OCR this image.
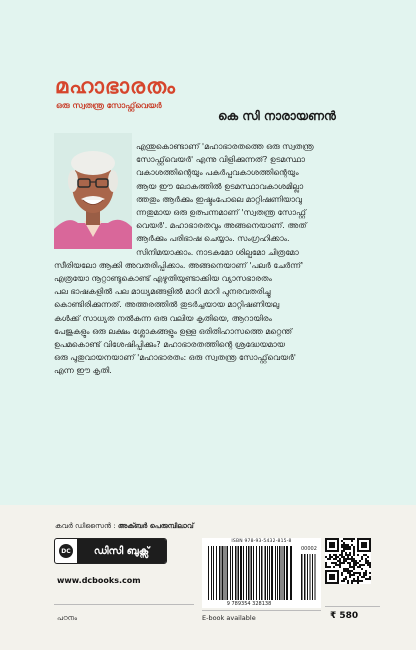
മഹാഭാരതം
ഒരു സ്വതന്ത്ര സോഫ്റ്റ്‌വെയർ
കെ സി നാരായണൻ
എന്തുകൊണ്ടാണ് 'മഹാഭാരതത്തെ ഒരു സ്വതന്ത്ര
സോഫ്റ്റ്‌വെയർ' എന്നു വിളിക്കുന്നത്? ഉടമസ്ഥാ
വകാശത്തിന്റെയും പകർപ്പവകാശത്തിന്റെയും
ആയ ഈ ലോകത്തിൽ ഉടമസ്ഥാവകാശമില്ലാ
ത്തതും ആർക്കും ഇഷ്ടംപോലെ മാറ്റിഷണിയാവു
ന്നതുമായ ഒരു ഉത്പന്നമാണ് 'സ്വതന്ത്ര സോഫ്റ്റ്
വെയർ'. മഹാഭാരതവും അങ്ങനെയാണ്. അത്
ആർക്കും പരിഭാഷ ചെയ്യാം. സംഗ്രഹിക്കാം.
സിനിമയാക്കാം. നാടകമോ ശില്പമോ ചിത്രമോ
സീരിയലോ ആക്കി അവതരിപ്പിക്കാം. അങ്ങനെയാണ് 'പലർ ചേർന്ന്'
എത്രയോ നൂറ്റാണ്ടുകൊണ്ട് എഴുതിയുണ്ടാക്കിയ വ്യാസഭാരതം
പല ഭാഷകളിൽ പല മാധ്യമങ്ങളിൽ മാറി മാറി പുനരവതരിച്ചു
കൊണ്ടിരിക്കുന്നത്. അത്തരത്തിൽ തുടർച്ചയായ മാറ്റിഷണിയലു
കൾക്ക് സാധ്യത നൽകുന്ന ഒരു വലിയ കൃതിയെ, ആറായിരം
പേജുകളും ഒരു ലക്ഷം ശ്ലോകങ്ങളും ഉള്ള ഒരിതിഹാസത്തെ മറ്റെന്ത്
ഉപമകൊണ്ട് വിശേഷിപ്പിക്കും? മഹാഭാരതത്തിന്റെ ശ്രദ്ധേയമായ
ഒരു പുതുവായനയാണ് 'മഹാഭാരതം: ഒരു സ്വതന്ത്ര സോഫ്റ്റ്‌വെയർ'
എന്ന ഈ കൃതി.
കവർ ഡിസൈൻ : അക്ബർ പെരുമ്പിലാവ്
DC	ഡിസി ബുക്സ്
www.dcbooks.com
പഠനം
ISBN 978-93-5432-815-8
9 789354 328138
00002
E-book available	₹ 580
